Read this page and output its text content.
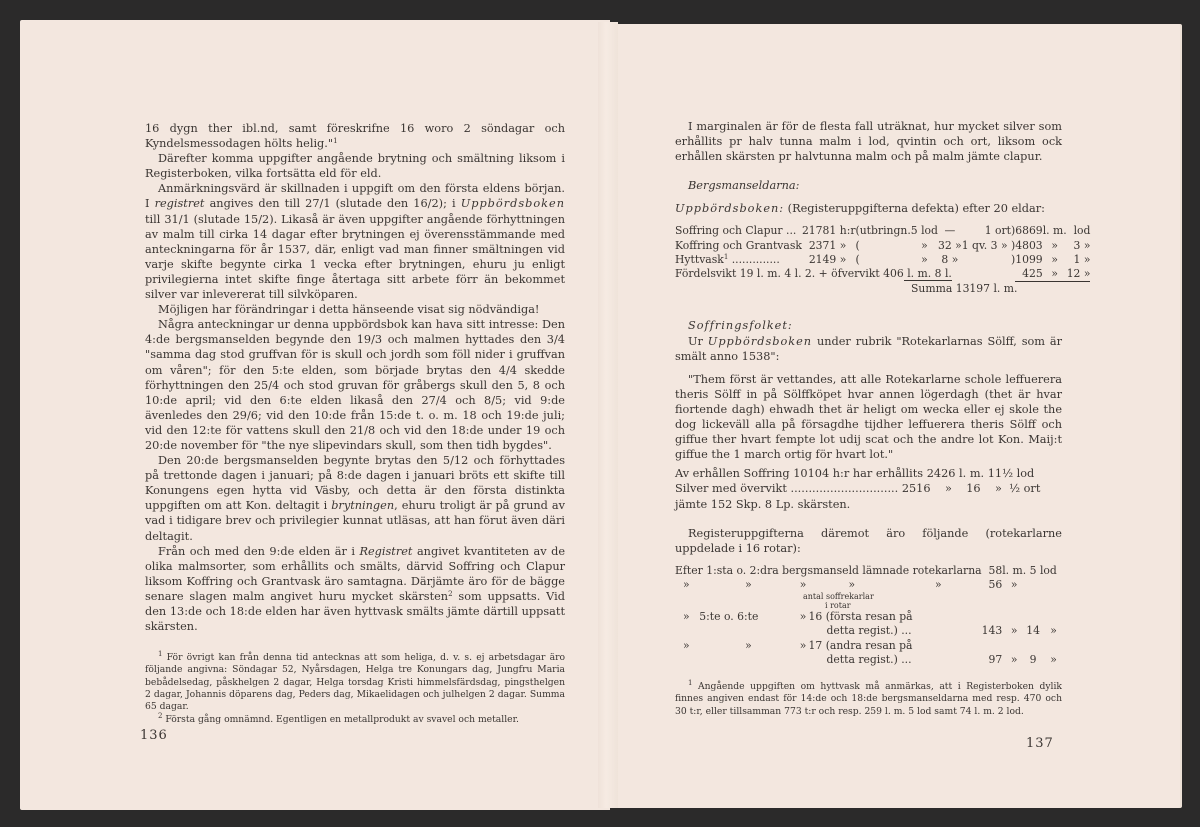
16 dygn ther ibl.nd, samt föreskrifne 16 woro 2 söndagar och Kyndelsmessodagen hölts helig."$^1$

Därefter komma uppgifter angående brytning och smältning liksom i Registerboken, vilka fortsätta eld för eld.

Anmärkningsvärd är skillnaden i uppgift om den första eldens början. I registret angives den till 27/1 (slutade den 16/2); i Uppbördsboken till 31/1 (slutade 15/2). Likaså är även uppgifter angående förhyttningen av malm till cirka 14 dagar efter brytningen ej överensstämmande med anteckningarna för år 1537, där, enligt vad man finner smältningen vid varje skifte begynte cirka 1 vecka efter brytningen, ehuru ju enligt privilegierna intet skifte finge återtaga sitt arbete förr än bekommet silver var inlevererat till silvköparen.

Möjligen har förändringar i detta hänseende visat sig nödvändiga!

Några anteckningar ur denna uppbördsbok kan hava sitt intresse: Den 4:de bergsmanselden begynde den 19/3 och malmen hyttades den 3/4 "samma dag stod gruffvan för is skull och jordh som föll nider i gruffvan om våren"; för den 5:te elden, som började brytas den 4/4 skedde förhyttningen den 25/4 och stod gruvan för gråbergs skull den 5, 8 och 10:de april; vid den 6:te elden likaså den 27/4 och 8/5; vid 9:de ävenledes den 29/6; vid den 10:de från 15:de t. o. m. 18 och 19:de juli; vid den 12:te för vattens skull den 21/8 och vid den 18:de under 19 och 20:de november för "the nye slipevindars skull, som then tidh bygdes".

Den 20:de bergsmanselden begynte brytas den 5/12 och förhyttades på trettonde dagen i januari; på 8:de dagen i januari bröts ett skifte till Konungens egen hytta vid Väsby, och detta är den första distinkta uppgiften om att Kon. deltagit i brytningen, ehuru troligt är på grund av vad i tidigare brev och privilegier kunnat utläsas, att han förut även däri deltagit.

Från och med den 9:de elden är i Registret angivet kvantiteten av de olika malmsorter, som erhållits och smälts, därvid Soffring och Clapur liksom Koffring och Grantvask äro samtagna. Därjämte äro för de bägge senare slagen malm angivet huru mycket skärsten$^2$ som uppsatts. Vid den 13:de och 18:de elden har även hyttvask smälts jämte därtill uppsatt skärsten.

$^1$ För övrigt kan från denna tid antecknas att som heliga, d. v. s. ej arbetsdagar äro följande angivna: Söndagar 52, Nyårsdagen, Helga tre Konungars dag, Jungfru Maria bebådelsedag, påskhelgen 2 dagar, Helga torsdag Kristi himmelsfärdsdag, pingsthelgen 2 dagar, Johannis döparens dag, Peders dag, Mikaelidagen och julhelgen 2 dagar. Summa 65 dagar.

$^2$ Första gång omnämnd. Egentligen en metallprodukt av svavel och metaller.

136

I marginalen är för de flesta fall uträknat, hur mycket silver som erhållits pr halv tunna malm i lod, qvintin och ort, liksom ock erhållen skärsten pr halvtunna malm och på malm jämte clapur.

Bergsmanseldarna:

Uppbördsboken: (Registeruppgifterna defekta) efter 20 eldar:

Soffring och Clapur ...	21781	h:r	(utbringn.	5 lod	—	1 ort)	6869	l. m.	lod
Koffring och Grantvask	2371	»	(	»	32 »	1 qv. 3 » )	4803	»	3 »
Hyttvask$^1$ ..............	2149	»	(	»	8 »	)	1099	»	1 »
Fördelsvikt 19 l. m. 4 l. 2. + öfvervikt 406 l. m. 8 l.							425	»	12 »
Summa 13197 l. m.									

Soffringsfolket:

Ur Uppbördsboken under rubrik "Rotekarlarnas Sölff, som är smält anno 1538":

"Them först är vettandes, att alle Rotekarlarne schole leffuerera theris Sölff in på Sölffköpet hvar annen lögerdagh (thet är hvar fiortende dagh) ehwadh thet är heligt om wecka eller ej skole the dog lickeväll alla på försagdhe tijdher leffuerera theris Sölff och giffue ther hvart fempte lot udij scat och the andre lot Kon. Maij:t giffue the 1 march ortig för hvart lot."

Av erhållen Soffring 10104 h:r har erhållits 2426 l. m. 11½ lod

Silver med övervikt .............................. 2516 » 16 » ½ ort

jämte 152 Skp. 8 Lp. skärsten.

Registeruppgifterna däremot äro följande (rotekarlarne uppdelade i 16 rotar):

Efter 1:sta o. 2:dra bergsmanseld lämnade rotekarlarna					58	l. m.	5	lod
»	»	»	»	»	56	»		
antal soffrekarlar
i rotar								
»	5:te o. 6:te	»	16 (första resan på
detta regist.) ...		143	»	14	»
»	»	»	17 (andra resan på
detta regist.) ...		97	»	9	»

$^1$ Angående uppgiften om hyttvask må anmärkas, att i Registerboken dylik finnes angiven endast för 14:de och 18:de bergsmanseldarna med resp. 470 och 30 t:r, eller tillsamman 773 t:r och resp. 259 l. m. 5 lod samt 74 l. m. 2 lod.

137
